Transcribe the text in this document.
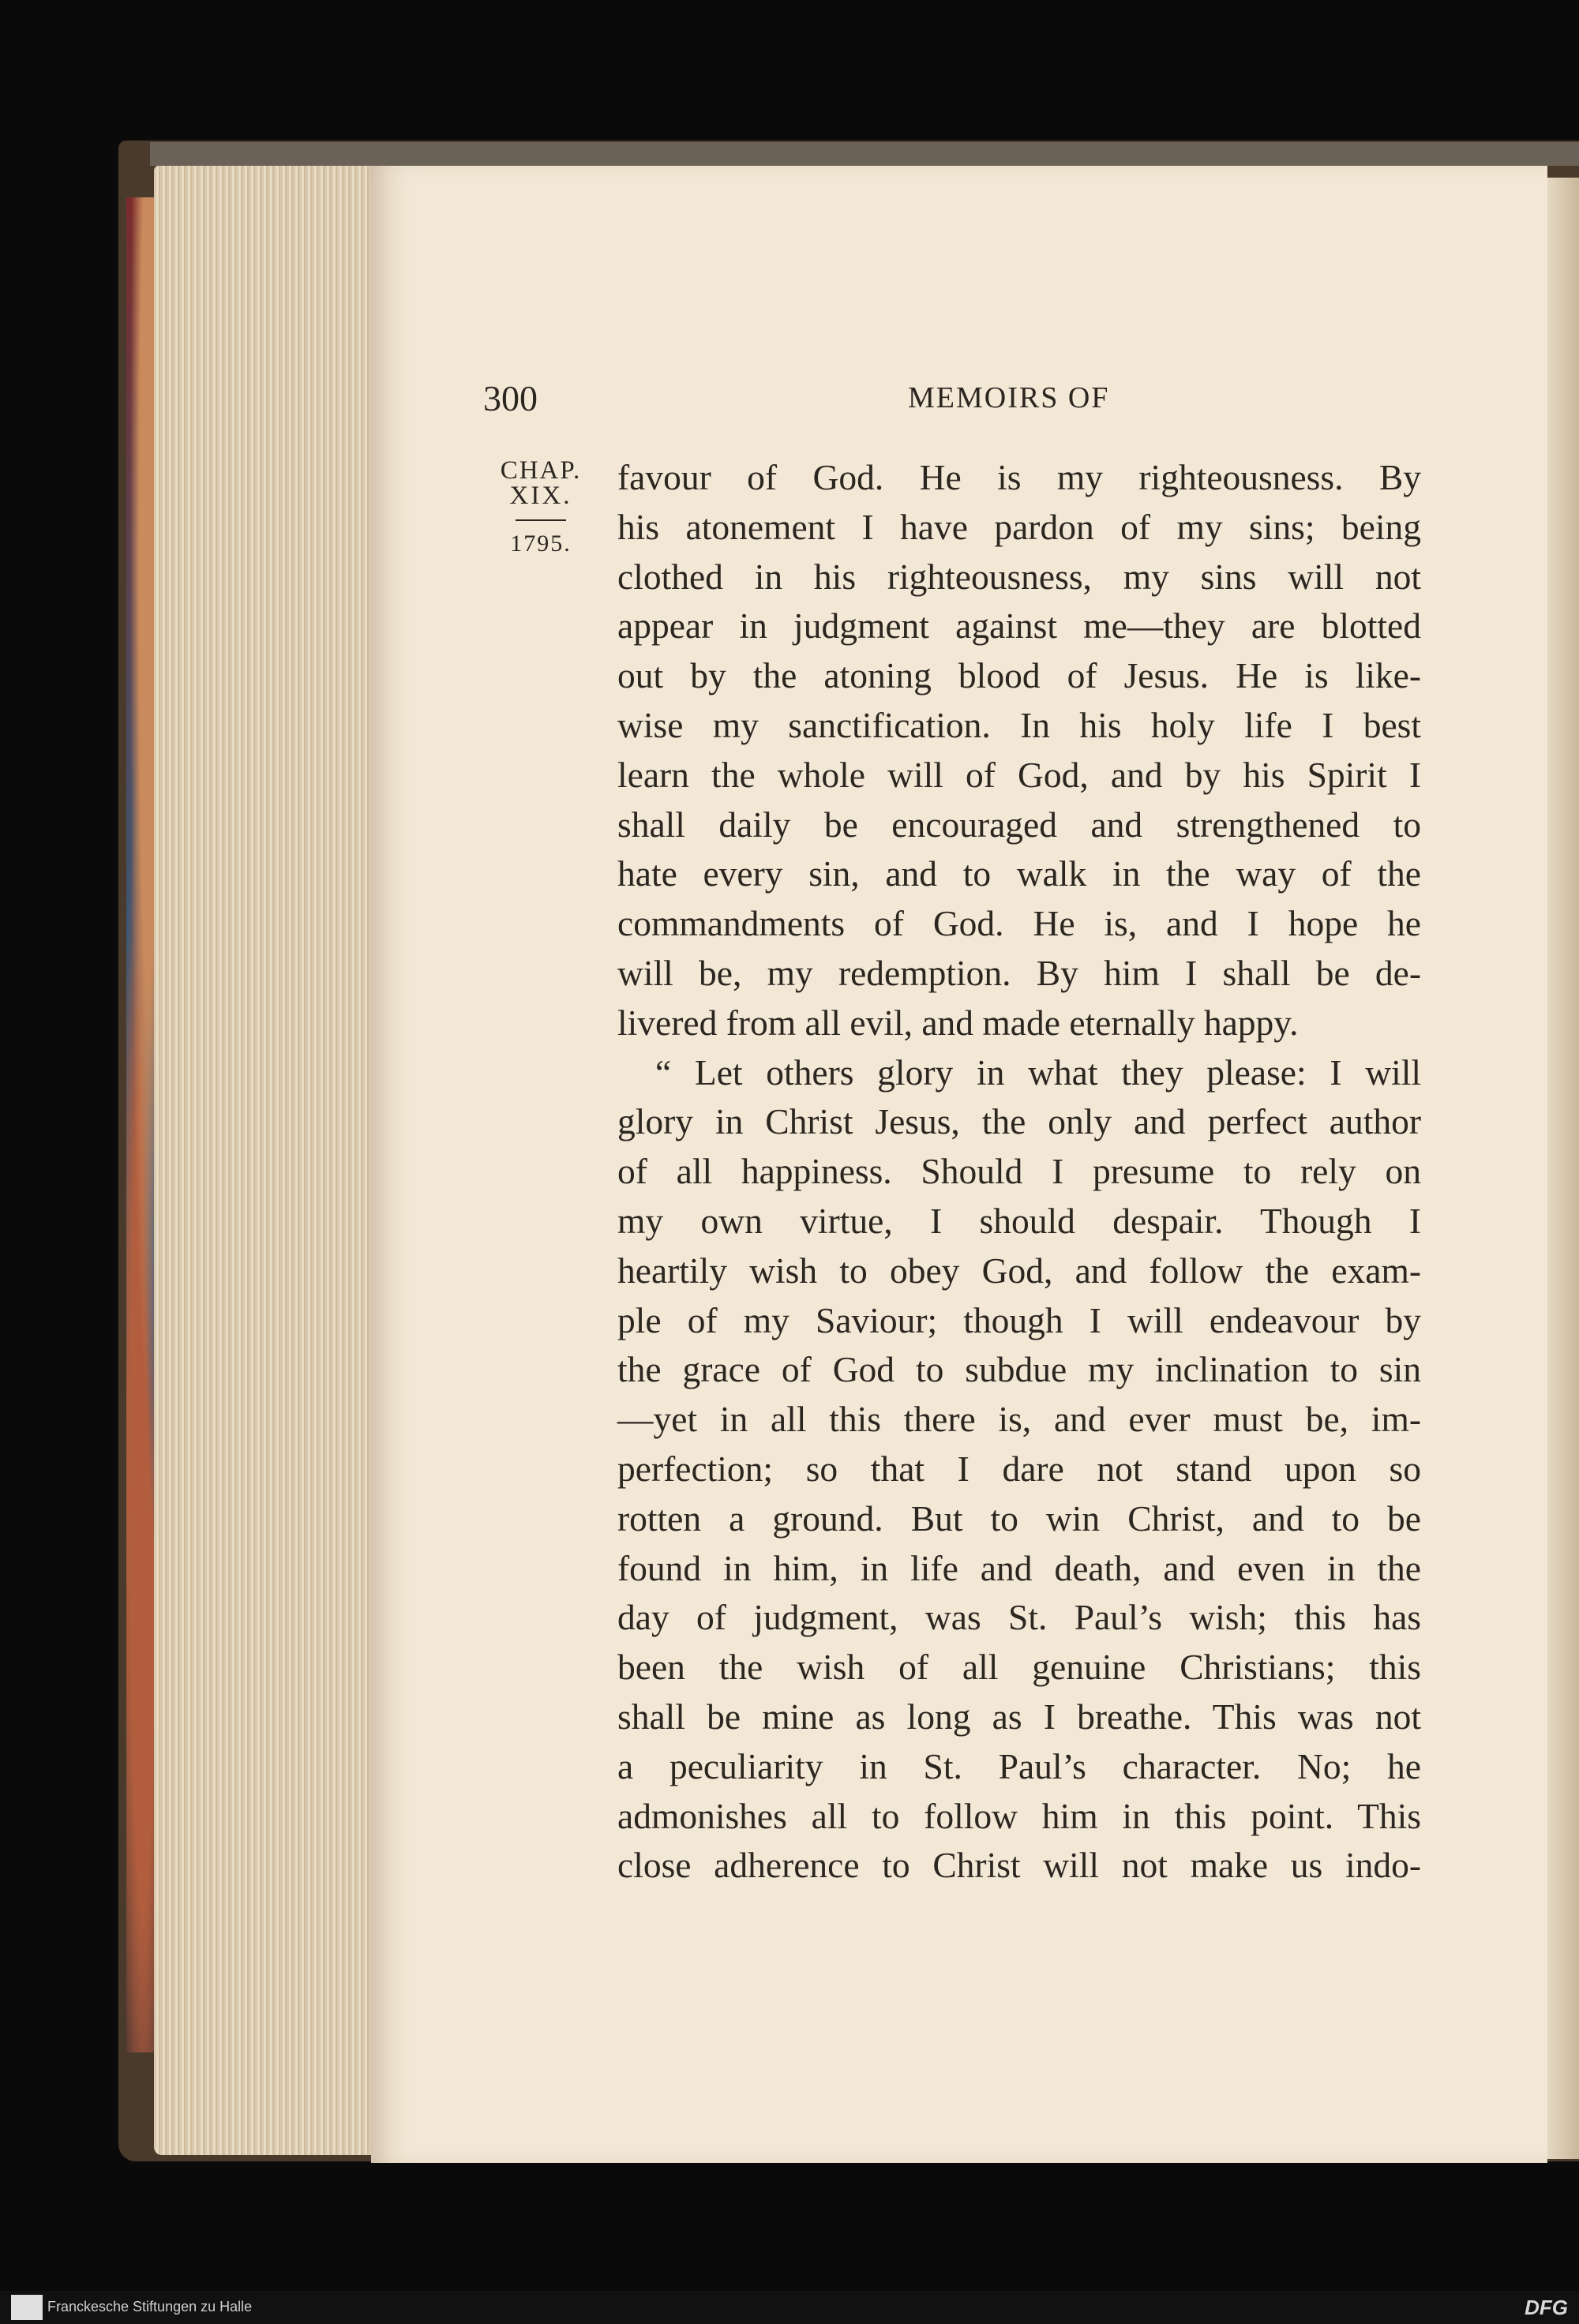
300	MEMOIRS OF
CHAP.
XIX.
1795.
favour of God. He is my righteousness. By
his atonement I have pardon of my sins; being
clothed in his righteousness, my sins will not
appear in judgment against me—they are blotted
out by the atoning blood of Jesus. He is like-
wise my sanctification. In his holy life I best
learn the whole will of God, and by his Spirit I
shall daily be encouraged and strengthened to
hate every sin, and to walk in the way of the
commandments of God. He is, and I hope he
will be, my redemption. By him I shall be de-
livered from all evil, and made eternally happy.
“ Let others glory in what they please: I will
glory in Christ Jesus, the only and perfect author
of all happiness. Should I presume to rely on
my own virtue, I should despair. Though I
heartily wish to obey God, and follow the exam-
ple of my Saviour; though I will endeavour by
the grace of God to subdue my inclination to sin
—yet in all this there is, and ever must be, im-
perfection; so that I dare not stand upon so
rotten a ground. But to win Christ, and to be
found in him, in life and death, and even in the
day of judgment, was St. Paul’s wish; this has
been the wish of all genuine Christians; this
shall be mine as long as I breathe. This was not
a peculiarity in St. Paul’s character. No; he
admonishes all to follow him in this point. This
close adherence to Christ will not make us indo-
Franckesche Stiftungen zu Halle	DFG
